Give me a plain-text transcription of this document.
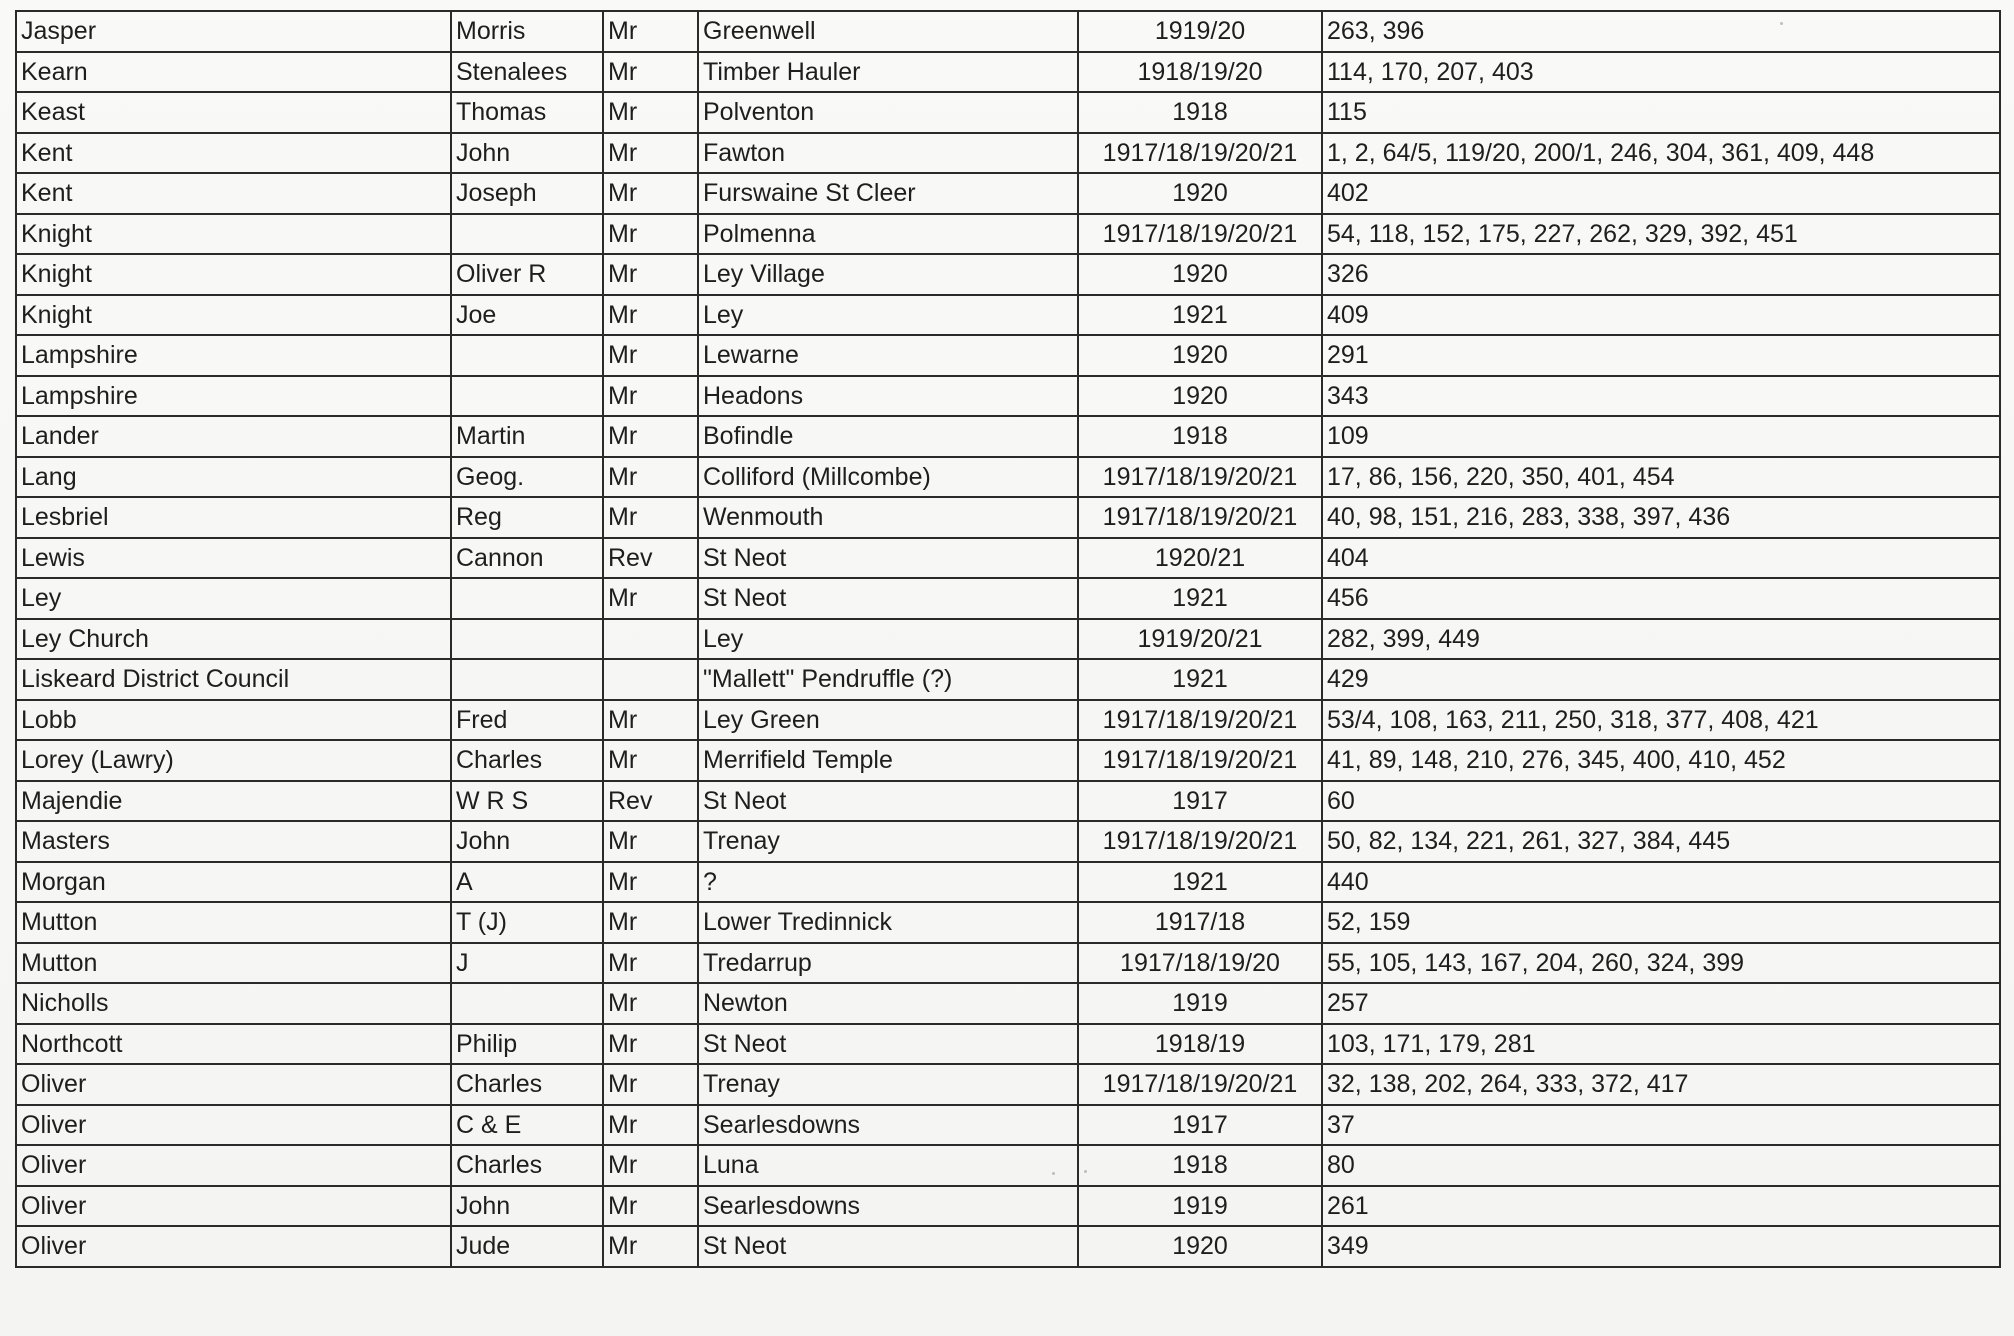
Jasper	Morris	Mr	Greenwell	1919/20	263, 396
Kearn	Stenalees	Mr	Timber Hauler	1918/19/20	114, 170, 207, 403
Keast	Thomas	Mr	Polventon	1918	115
Kent	John	Mr	Fawton	1917/18/19/20/21	1, 2, 64/5, 119/20, 200/1, 246, 304, 361, 409, 448
Kent	Joseph	Mr	Furswaine St Cleer	1920	402
Knight		Mr	Polmenna	1917/18/19/20/21	54, 118, 152, 175, 227, 262, 329, 392, 451
Knight	Oliver R	Mr	Ley Village	1920	326
Knight	Joe	Mr	Ley	1921	409
Lampshire		Mr	Lewarne	1920	291
Lampshire		Mr	Headons	1920	343
Lander	Martin	Mr	Bofindle	1918	109
Lang	Geog.	Mr	Colliford (Millcombe)	1917/18/19/20/21	17, 86, 156, 220, 350, 401, 454
Lesbriel	Reg	Mr	Wenmouth	1917/18/19/20/21	40, 98, 151, 216, 283, 338, 397, 436
Lewis	Cannon	Rev	St Neot	1920/21	404
Ley		Mr	St Neot	1921	456
Ley Church			Ley	1919/20/21	282, 399, 449
Liskeard District Council			"Mallett" Pendruffle (?)	1921	429
Lobb	Fred	Mr	Ley Green	1917/18/19/20/21	53/4, 108, 163, 211, 250, 318, 377, 408, 421
Lorey (Lawry)	Charles	Mr	Merrifield Temple	1917/18/19/20/21	41, 89, 148, 210, 276, 345, 400, 410, 452
Majendie	W R S	Rev	St Neot	1917	60
Masters	John	Mr	Trenay	1917/18/19/20/21	50, 82, 134, 221, 261, 327, 384, 445
Morgan	A	Mr	?	1921	440
Mutton	T (J)	Mr	Lower Tredinnick	1917/18	52, 159
Mutton	J	Mr	Tredarrup	1917/18/19/20	55, 105, 143, 167, 204, 260, 324, 399
Nicholls		Mr	Newton	1919	257
Northcott	Philip	Mr	St Neot	1918/19	103, 171, 179, 281
Oliver	Charles	Mr	Trenay	1917/18/19/20/21	32, 138, 202, 264, 333, 372, 417
Oliver	C & E	Mr	Searlesdowns	1917	37
Oliver	Charles	Mr	Luna	1918	80
Oliver	John	Mr	Searlesdowns	1919	261
Oliver	Jude	Mr	St Neot	1920	349
